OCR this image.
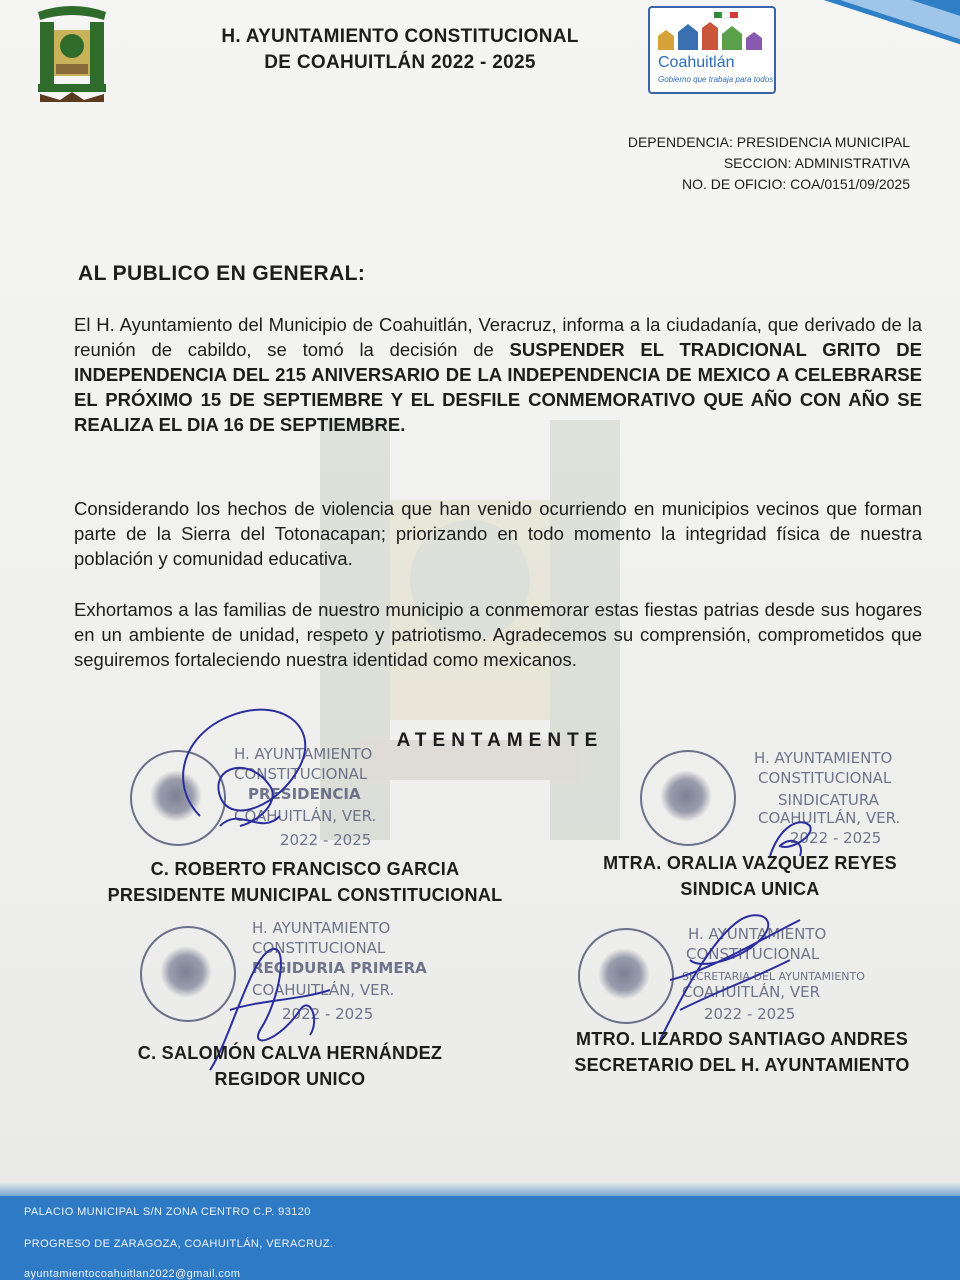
H. AYUNTAMIENTO CONSTITUCIONAL
DE COAHUITLÁN 2022 - 2025	Coahuitlán
Gobierno que trabaja para todos
DEPENDENCIA: PRESIDENCIA MUNICIPAL
SECCION: ADMINISTRATIVA
NO. DE OFICIO: COA/0151/09/2025
AL PUBLICO EN GENERAL:
El H. Ayuntamiento del Municipio de Coahuitlán, Veracruz, informa a la ciudadanía, que derivado de la reunión de cabildo, se tomó la decisión de SUSPENDER EL TRADICIONAL GRITO DE INDEPENDENCIA DEL 215 ANIVERSARIO DE LA INDEPENDENCIA DE MEXICO A CELEBRARSE EL PRÓXIMO 15 DE SEPTIEMBRE Y EL DESFILE CONMEMORATIVO QUE AÑO CON AÑO SE REALIZA EL DIA 16 DE SEPTIEMBRE.
Considerando los hechos de violencia que han venido ocurriendo en municipios vecinos que forman parte de la Sierra del Totonacapan; priorizando en todo momento la integridad física de nuestra población y comunidad educativa.
Exhortamos a las familias de nuestro municipio a conmemorar estas fiestas patrias desde sus hogares en un ambiente de unidad, respeto y patriotismo. Agradecemos su comprensión, comprometidos que seguiremos fortaleciendo nuestra identidad como mexicanos.
ATENTAMENTE
H. AYUNTAMIENTO
CONSTITUCIONAL
PRESIDENCIA
COAHUITLÁN, VER.
2022 - 2025
H. AYUNTAMIENTO
CONSTITUCIONAL
SINDICATURA
COAHUITLÁN, VER.
2022 - 2025
H. AYUNTAMIENTO
CONSTITUCIONAL
REGIDURIA PRIMERA
COAHUITLÁN, VER.
2022 - 2025
H. AYUNTAMIENTO
CONSTITUCIONAL
SECRETARIA DEL AYUNTAMIENTO
COAHUITLÁN, VER
2022 - 2025
C. ROBERTO FRANCISCO GARCIA
PRESIDENTE MUNICIPAL CONSTITUCIONAL
MTRA. ORALIA VAZQUEZ REYES
SINDICA UNICA
C. SALOMÓN CALVA HERNÁNDEZ
REGIDOR UNICO
MTRO. LIZARDO SANTIAGO ANDRES
SECRETARIO DEL H. AYUNTAMIENTO
PALACIO MUNICIPAL S/N ZONA CENTRO C.P. 93120
PROGRESO DE ZARAGOZA, COAHUITLÁN, VERACRUZ.
ayuntamientocoahuitlan2022@gmail.com
